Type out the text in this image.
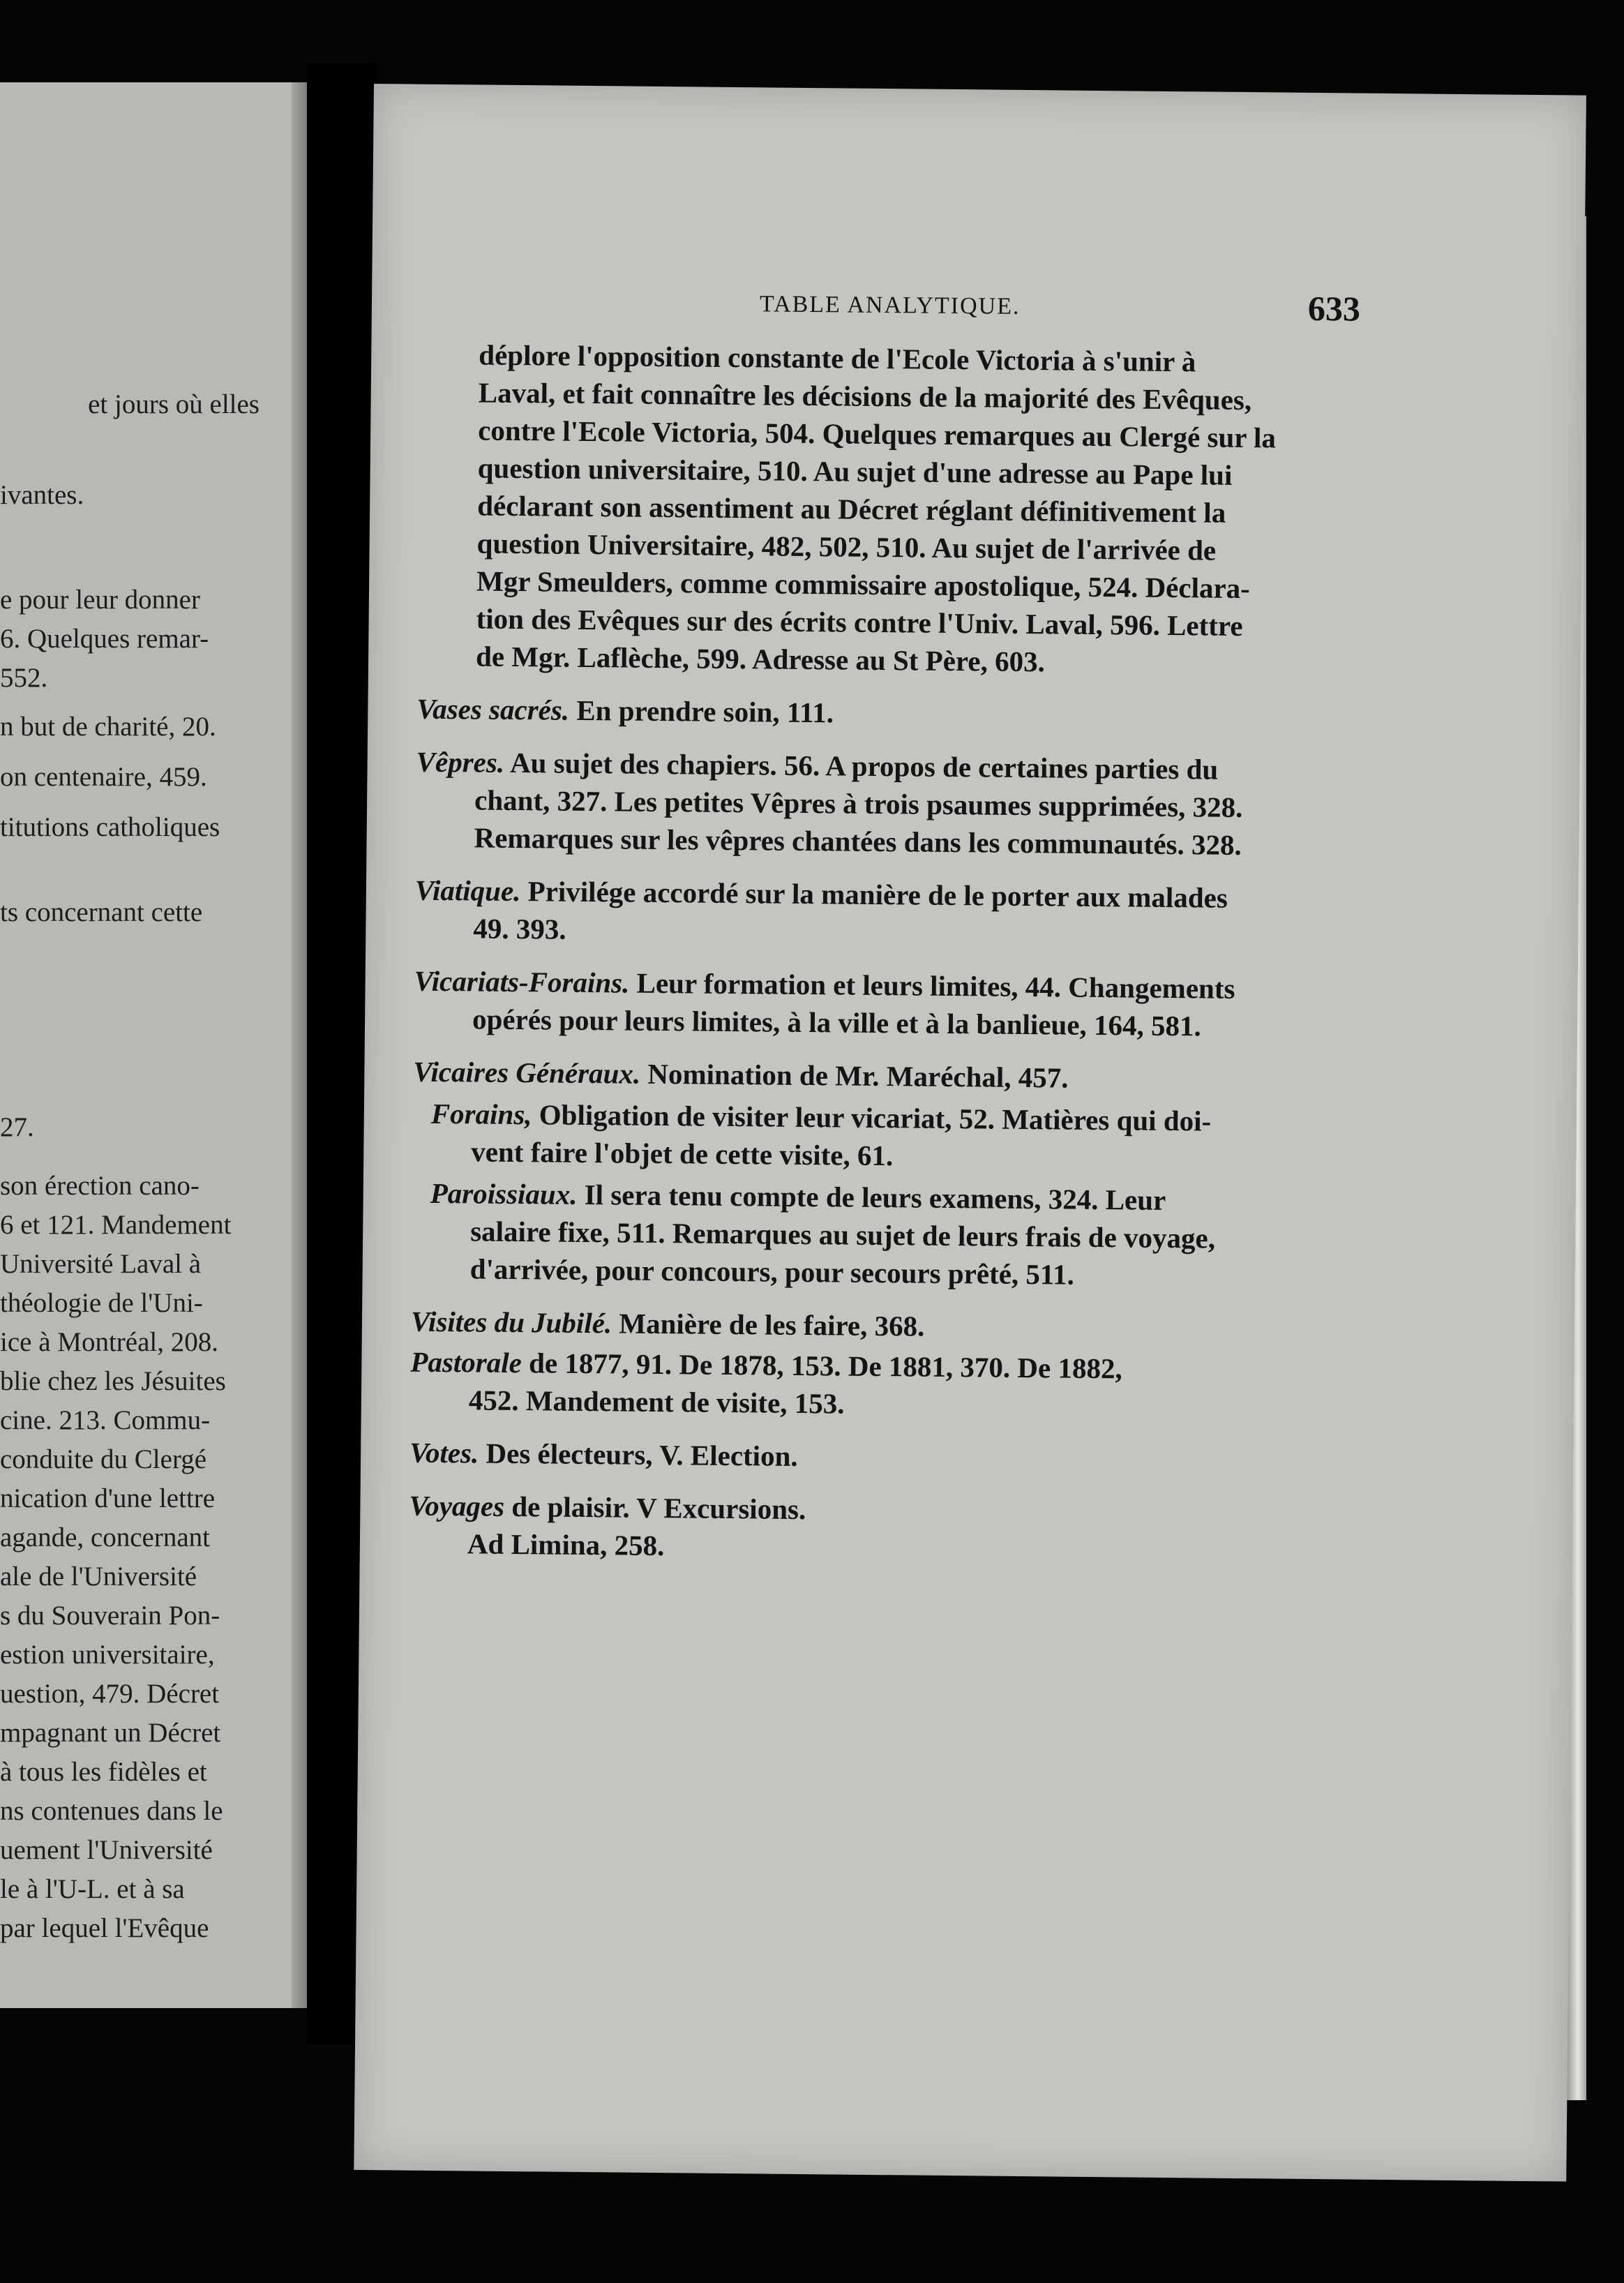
et jours où elles
ivantes.
e pour leur donner
6. Quelques remar-
552.
n but de charité, 20.
on centenaire, 459.
titutions catholiques
ts concernant cette
27.
son érection cano-
6 et 121. Mandement
Université Laval à
théologie de l'Uni-
ice à Montréal, 208.
blie chez les Jésuites
cine. 213. Commu-
conduite du Clergé
nication d'une lettre
agande, concernant
ale de l'Université
s du Souverain Pon-
estion universitaire,
uestion, 479. Décret
mpagnant un Décret
à tous les fidèles et
ns contenues dans le
uement l'Université
le à l'U-L. et à sa
par lequel l'Evêque
TABLE ANALYTIQUE.	633
déplore l'opposition constante de l'Ecole Victoria à s'unir à
Laval, et fait connaître les décisions de la majorité des Evêques,
contre l'Ecole Victoria, 504. Quelques remarques au Clergé sur la
question universitaire, 510. Au sujet d'une adresse au Pape lui
déclarant son assentiment au Décret réglant définitivement la
question Universitaire, 482, 502, 510. Au sujet de l'arrivée de
Mgr Smeulders, comme commissaire apostolique, 524. Déclara-
tion des Evêques sur des écrits contre l'Univ. Laval, 596. Lettre
de Mgr. Laflèche, 599. Adresse au St Père, 603.
Vases sacrés. En prendre soin, 111.
Vêpres. Au sujet des chapiers. 56. A propos de certaines parties du
chant, 327. Les petites Vêpres à trois psaumes supprimées, 328.
Remarques sur les vêpres chantées dans les communautés. 328.
Viatique. Privilége accordé sur la manière de le porter aux malades
49. 393.
Vicariats-Forains. Leur formation et leurs limites, 44. Changements
opérés pour leurs limites, à la ville et à la banlieue, 164, 581.
Vicaires Généraux. Nomination de Mr. Maréchal, 457.
Forains, Obligation de visiter leur vicariat, 52. Matières qui doi-
vent faire l'objet de cette visite, 61.
Paroissiaux. Il sera tenu compte de leurs examens, 324. Leur
salaire fixe, 511. Remarques au sujet de leurs frais de voyage,
d'arrivée, pour concours, pour secours prêté, 511.
Visites du Jubilé. Manière de les faire, 368.
Pastorale de 1877, 91. De 1878, 153. De 1881, 370. De 1882,
452. Mandement de visite, 153.
Votes. Des électeurs, V. Election.
Voyages de plaisir. V Excursions.
Ad Limina, 258.
